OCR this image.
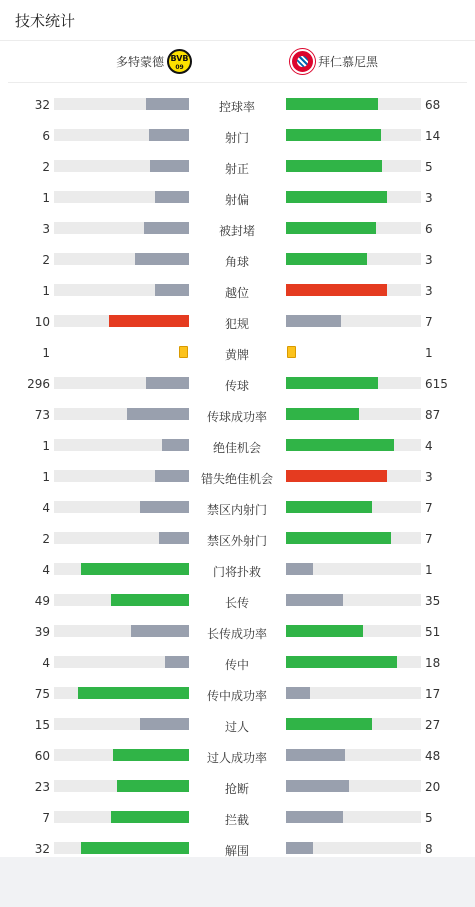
技术统计
多特蒙德 BVB
09	拜仁慕尼黑
32	控球率	68
6	射门	14
2	射正	5
1	射偏	3
3	被封堵	6
2	角球	3
1	越位	3
10	犯规	7
1	黄牌	1
296	传球	615
73	传球成功率	87
1	绝佳机会	4
1	错失绝佳机会	3
4	禁区内射门	7
2	禁区外射门	7
4	门将扑救	1
49	长传	35
39	长传成功率	51
4	传中	18
75	传中成功率	17
15	过人	27
60	过人成功率	48
23	抢断	20
7	拦截	5
32	解围	8
